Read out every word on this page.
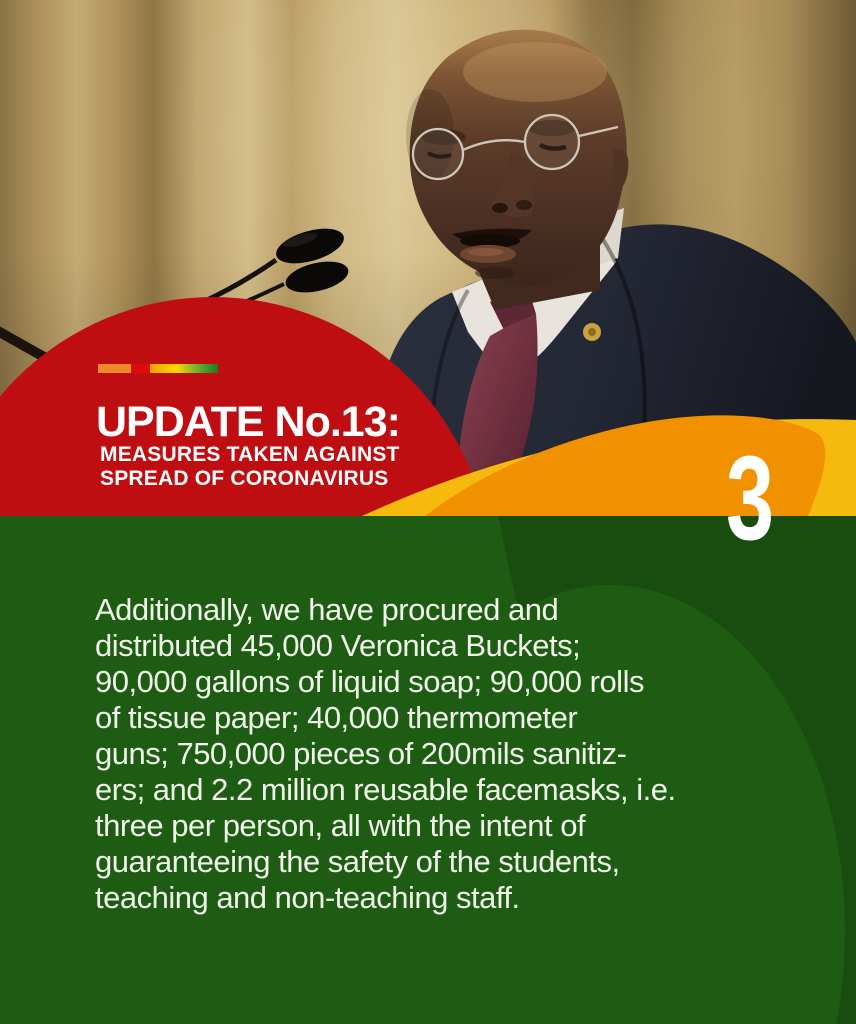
UPDATE No.13:
MEASURES TAKEN AGAINST
SPREAD OF CORONAVIRUS	3
Additionally, we have procured and
distributed 45,000 Veronica Buckets;
90,000 gallons of liquid soap; 90,000 rolls
of tissue paper; 40,000 thermometer
guns; 750,000 pieces of 200mils sanitiz-
ers; and 2.2 million reusable facemasks, i.e.
three per person, all with the intent of
guaranteeing the safety of the students,
teaching and non-teaching staff.
